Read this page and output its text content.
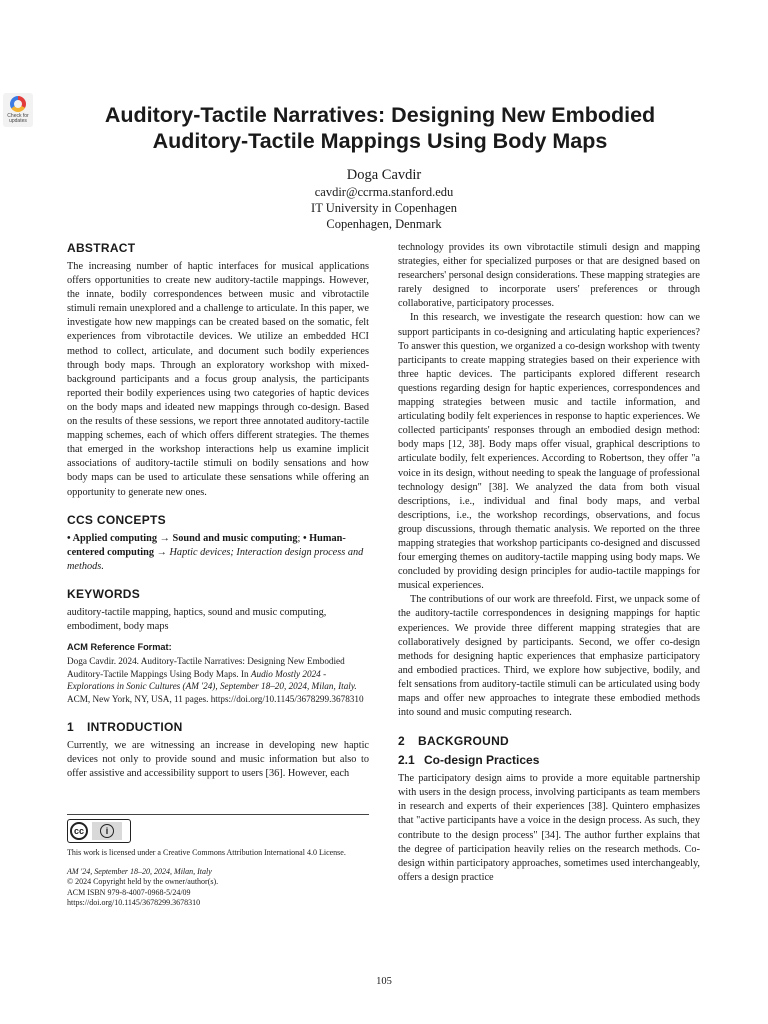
Check for updates	Auditory-Tactile Narratives: Designing New Embodied
Auditory-Tactile Mappings Using Body Maps
Doga Cavdir
cavdir@ccrma.stanford.edu
IT University in Copenhagen
Copenhagen, Denmark
ABSTRACT

The increasing number of haptic interfaces for musical applications offers opportunities to create new auditory-tactile mappings. However, the innate, bodily correspondences between music and vibrotactile stimuli remain unexplored and a challenge to articulate. In this paper, we investigate how new mappings can be created based on the somatic, felt experiences from vibrotactile devices. We utilize an embedded HCI method to collect, articulate, and document such bodily experiences through body maps. Through an exploratory workshop with mixed-background participants and a focus group analysis, the participants reported their bodily experiences using two categories of haptic devices on the body maps and ideated new mappings through co-design. Based on the results of these sessions, we report three annotated auditory-tactile mapping schemes, each of which offers different strategies. The themes that emerged in the workshop interactions help us examine implicit associations of auditory-tactile stimuli on bodily sensations and how body maps can be used to articulate these sensations while offering an opportunity to generate new ones.

CCS CONCEPTS

• Applied computing → Sound and music computing; • Human-centered computing → Haptic devices; Interaction design process and methods.

KEYWORDS

auditory-tactile mapping, haptics, sound and music computing, embodiment, body maps

ACM Reference Format:
Doga Cavdir. 2024. Auditory-Tactile Narratives: Designing New Embodied Auditory-Tactile Mappings Using Body Maps. In Audio Mostly 2024 - Explorations in Sonic Cultures (AM '24), September 18–20, 2024, Milan, Italy. ACM, New York, NY, USA, 11 pages. https://doi.org/10.1145/3678299.3678310
1 INTRODUCTION

Currently, we are witnessing an increase in developing new haptic devices not only to provide sound and music information but also to offer assistive and accessibility support to users [36]. However, each

cc	i
This work is licensed under a Creative Commons Attribution International 4.0 License.
AM '24, September 18–20, 2024, Milan, Italy
© 2024 Copyright held by the owner/author(s).
ACM ISBN 979-8-4007-0968-5/24/09
https://doi.org/10.1145/3678299.3678310

technology provides its own vibrotactile stimuli design and mapping strategies, either for specialized purposes or that are designed based on researchers' personal design considerations. These mapping strategies are rarely designed to incorporate users' preferences or through collaborative, participatory processes.

In this research, we investigate the research question: how can we support participants in co-designing and articulating haptic experiences? To answer this question, we organized a co-design workshop with twenty participants to create mapping strategies based on their experience with three haptic devices. The participants explored different research questions regarding design for haptic experiences, correspondences and mapping strategies between music and tactile information, and articulating bodily felt experiences in response to haptic experiences. We collected participants' responses through an embodied design method: body maps [12, 38]. Body maps offer visual, graphical descriptions to articulate bodily, felt experiences. According to Robertson, they offer "a voice in its design, without needing to speak the language of professional technology design" [38]. We analyzed the data from both visual descriptions, i.e., individual and final body maps, and verbal descriptions, i.e., the workshop recordings, observations, and focus group discussions, through thematic analysis. We reported on the three mapping strategies that workshop participants co-designed and discussed four emerging themes on auditory-tactile mapping using body maps. We concluded by providing design principles for audio-tactile mappings for musical experiences.

The contributions of our work are threefold. First, we unpack some of the auditory-tactile correspondences in designing mappings for haptic experiences. We provide three different mapping strategies that are collaboratively designed by participants. Second, we offer co-design methods for designing haptic experiences that emphasize participatory and embodied practices. Third, we explore how subjective, bodily, and felt sensations from auditory-tactile stimuli can be articulated using body maps and offer new approaches to integrate these embodied methods into sound and music computing research.

2 BACKGROUND
2.1 Co-design Practices

The participatory design aims to provide a more equitable partnership with users in the design process, involving participants as team members in research and experts of their experiences [38]. Quintero emphasizes that "active participants have a voice in the design process. As such, they contribute to the design process" [34]. The author further explains that the degree of participation heavily relies on the research methods. Co-design within participatory approaches, sometimes used interchangeably, offers a design practice

105
